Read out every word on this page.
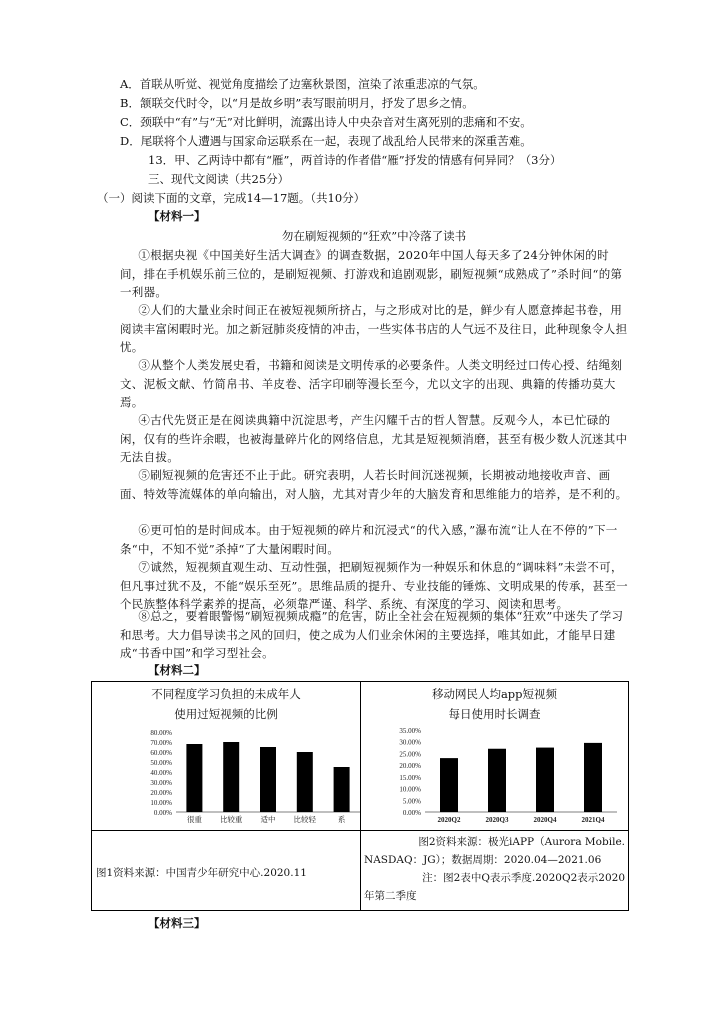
A．首联从听觉、视觉角度描绘了边塞秋景图，渲染了浓重悲凉的气氛。
B．颔联交代时令，以“月是故乡明”表写眼前明月，抒发了思乡之情。
C．颈联中“有”与“无”对比鲜明，流露出诗人中央杂音对生离死别的悲痛和不安。
D．尾联将个人遭遇与国家命运联系在一起，表现了战乱给人民带来的深重苦难。
13．甲、乙两诗中都有“雁”，两首诗的作者借“雁”抒发的情感有何异同？（3分）
三、现代文阅读（共25分）
（一）阅读下面的文章，完成14—17题。（共10分）
【材料一】
勿在刷短视频的“狂欢”中冷落了读书
①根据央视《中国美好生活大调查》的调查数据，2020年中国人每天多了24分钟休闲的时间，排在手机娱乐前三位的，是刷短视频、打游戏和追剧观影，刷短视频“成熟成了”杀时间“的第一利器。
②人们的大量业余时间正在被短视频所挤占，与之形成对比的是，鲜少有人愿意捧起书卷，用阅读丰富闲暇时光。加之新冠肺炎疫情的冲击，一些实体书店的人气远不及往日，此种现象令人担忧。
③从整个人类发展史看，书籍和阅读是文明传承的必要条件。人类文明经过口传心授、结绳刻文、泥板文献、竹简帛书、羊皮卷、活字印刷等漫长至今，尤以文字的出现、典籍的传播功莫大焉。
④古代先贤正是在阅读典籍中沉淀思考，产生闪耀千古的哲人智慧。反观今人，本已忙碌的闲，仅有的些许余暇，也被海量碎片化的网络信息，尤其是短视频消磨，甚至有极少数人沉迷其中无法自拔。
⑤刷短视频的危害还不止于此。研究表明，人若长时间沉迷视频，长期被动地接收声音、画面、特效等流媒体的单向输出，对人脑，尤其对青少年的大脑发育和思维能力的培养，是不利的。
⑥更可怕的是时间成本。由于短视频的碎片和沉浸式“的代入感，”瀑布流“让人在不停的”下一条“中，不知不觉”杀掉“了大量闲暇时间。
⑦诚然，短视频直观生动、互动性强，把刷短视频作为一种娱乐和休息的“调味料”未尝不可，但凡事过犹不及，不能“娱乐至死”。思维品质的提升、专业技能的锤炼、文明成果的传承，甚至一个民族整体科学素养的提高，必须靠严谨、科学、系统、有深度的学习、阅读和思考。
⑧总之，要着眼警惕“刷短视频成瘾”的危害，防止全社会在短视频的集体“狂欢”中迷失了学习和思考。大力倡导读书之风的回归，使之成为人们业余休闲的主要选择，唯其如此，才能早日建成“书香中国”和学习型社会。
【材料二】
不同程度学习负担的未成年人
使用过短视频的比例
80.00%
70.00%
60.00%
50.00%
40.00%
30.00%
20.00%
10.00%
0.00%
很重 比较重 适中 比较轻	系
移动网民人均app短视频
每日使用时长调查
35.00%
30.00%
25.00%
20.00%
15.00%
10.00%
5.00%
0.00%
2020Q2	2020Q3	2020Q4	2021Q4
图1资料来源：中国青少年研究中心.2020.11
图2资料来源：极光iAPP（Aurora Mobile.
NASDAQ：JG）；数据周期：2020.04—2021.06
注：图2表中Q表示季度.2020Q2表示2020
年第二季度
【材料三】
